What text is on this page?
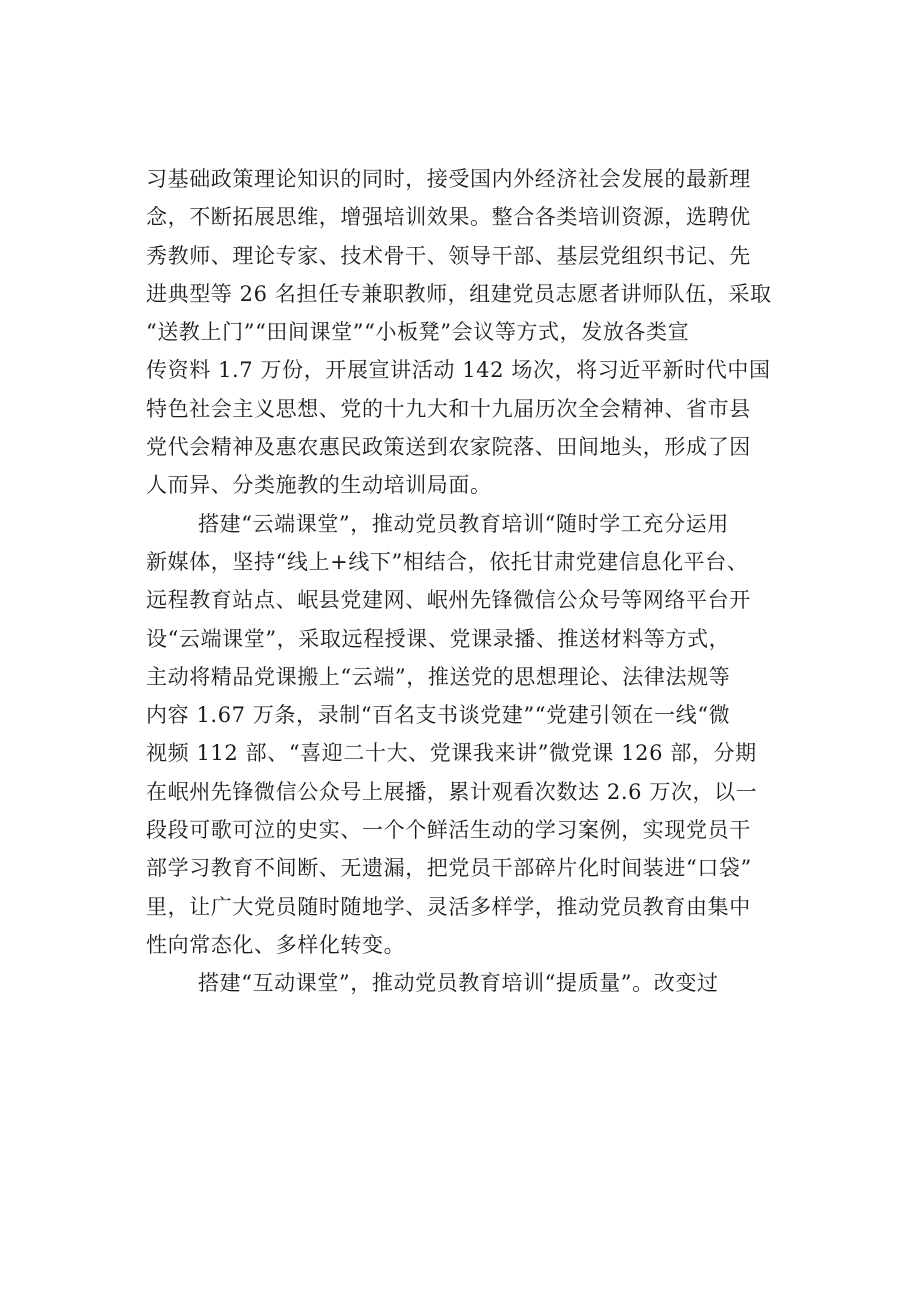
习基础政策理论知识的同时，接受国内外经济社会发展的最新理
念，不断拓展思维，增强培训效果。整合各类培训资源，选聘优
秀教师、理论专家、技术骨干、领导干部、基层党组织书记、先
进典型等 26 名担任专兼职教师，组建党员志愿者讲师队伍，采取
“送教上门”“田间课堂”“小板凳”会议等方式，发放各类宣
传资料 1.7 万份，开展宣讲活动 142 场次，将习近平新时代中国
特色社会主义思想、党的十九大和十九届历次全会精神、省市县
党代会精神及惠农惠民政策送到农家院落、田间地头，形成了因
人而异、分类施教的生动培训局面。
搭建“云端课堂”，推动党员教育培训“随时学工充分运用
新媒体，坚持“线上+线下”相结合，依托甘肃党建信息化平台、
远程教育站点、岷县党建网、岷州先锋微信公众号等网络平台开
设“云端课堂”，采取远程授课、党课录播、推送材料等方式，
主动将精品党课搬上“云端”，推送党的思想理论、法律法规等
内容 1.67 万条，录制“百名支书谈党建”“党建引领在一线“微
视频 112 部、“喜迎二十大、党课我来讲”微党课 126 部，分期
在岷州先锋微信公众号上展播，累计观看次数达 2.6 万次，以一
段段可歌可泣的史实、一个个鲜活生动的学习案例，实现党员干
部学习教育不间断、无遗漏，把党员干部碎片化时间装进“口袋”
里，让广大党员随时随地学、灵活多样学，推动党员教育由集中
性向常态化、多样化转变。
搭建“互动课堂”，推动党员教育培训“提质量”。改变过
